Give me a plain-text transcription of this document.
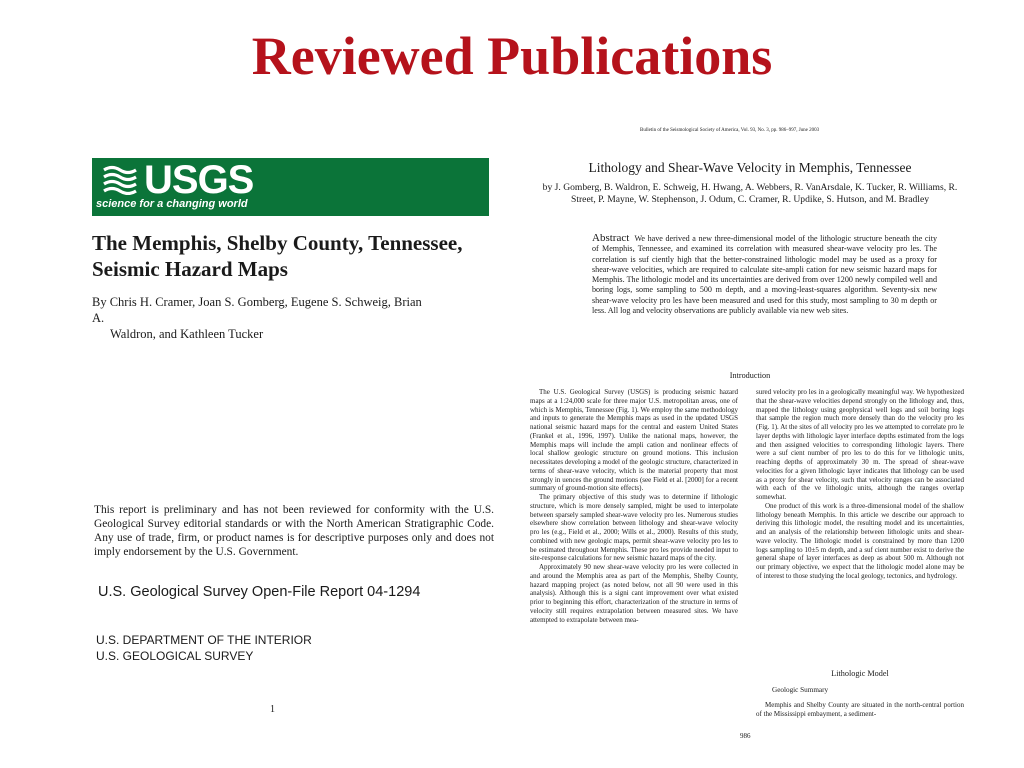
Reviewed Publications
USGS
science for a changing world
The Memphis, Shelby County, Tennessee, Seismic Hazard Maps
By Chris H. Cramer, Joan S. Gomberg, Eugene S. Schweig, Brian A.
Waldron, and Kathleen Tucker
This report is preliminary and has not been reviewed for conformity with the U.S. Geological Survey editorial standards or with the North American Stratigraphic Code. Any use of trade, firm, or product names is for descriptive purposes only and does not imply endorsement by the U.S. Government.
U.S. Geological Survey Open-File Report 04-1294
U.S. DEPARTMENT OF THE INTERIOR
U.S. GEOLOGICAL SURVEY
1
Bulletin of the Seismological Society of America, Vol. 93, No. 3, pp. 986–997, June 2003
Lithology and Shear-Wave Velocity in Memphis, Tennessee
by J. Gomberg, B. Waldron, E. Schweig, H. Hwang, A. Webbers, R. VanArsdale, K. Tucker, R. Williams, R. Street, P. Mayne, W. Stephenson, J. Odum, C. Cramer, R. Updike, S. Hutson, and M. Bradley
Abstract We have derived a new three-dimensional model of the lithologic structure beneath the city of Memphis, Tennessee, and examined its correlation with measured shear-wave velocity pro les. The correlation is suf ciently high that the better-constrained lithologic model may be used as a proxy for shear-wave velocities, which are required to calculate site-ampli cation for new seismic hazard maps for Memphis. The lithologic model and its uncertainties are derived from over 1200 newly compiled well and boring logs, some sampling to 500 m depth, and a moving-least-squares algorithm. Seventy-six new shear-wave velocity pro les have been measured and used for this study, most sampling to 30 m depth or less. All log and velocity observations are publicly available via new web sites.
Introduction

The U.S. Geological Survey (USGS) is producing seismic hazard maps at a 1:24,000 scale for three major U.S. metropolitan areas, one of which is Memphis, Tennessee (Fig. 1). We employ the same methodology and inputs to generate the Memphis maps as used in the updated USGS national seismic hazard maps for the central and eastern United States (Frankel et al., 1996, 1997). Unlike the national maps, however, the Memphis maps will include the ampli cation and nonlinear effects of local shallow geologic structure on ground motions. This inclusion necessitates developing a model of the geologic structure, characterized in terms of shear-wave velocity, which is the material property that most strongly in uences the ground motions (see Field et al. [2000] for a recent summary of ground-motion site effects).

The primary objective of this study was to determine if lithologic structure, which is more densely sampled, might be used to interpolate between sparsely sampled shear-wave velocity pro les. Numerous studies elsewhere show correlation between lithology and shear-wave velocity pro les (e.g., Field et al., 2000; Wills et al., 2000). Results of this study, combined with new geologic maps, permit shear-wave velocity pro les to be estimated throughout Memphis. These pro les provide needed input to site-response calculations for new seismic hazard maps of the city.

Approximately 90 new shear-wave velocity pro les were collected in and around the Memphis area as part of the Memphis, Shelby County, hazard mapping project (as noted below, not all 90 were used in this analysis). Although this is a signi cant improvement over what existed prior to beginning this effort, characterization of the structure in terms of velocity still requires extrapolation between measured sites. We have attempted to extrapolate between mea-

sured velocity pro les in a geologically meaningful way. We hypothesized that the shear-wave velocities depend strongly on the lithology and, thus, mapped the lithology using geophysical well logs and soil boring logs that sample the region much more densely than do the velocity pro les (Fig. 1). At the sites of all velocity pro les we attempted to correlate pro le layer depths with lithologic layer interface depths estimated from the logs and then assigned velocities to corresponding lithologic layers. There were a suf cient number of pro les to do this for ve lithologic units, reaching depths of approximately 30 m. The spread of shear-wave velocities for a given lithologic layer indicates that lithology can be used as a proxy for shear velocity, such that velocity ranges can be associated with each of the ve lithologic units, although the ranges overlap somewhat.

One product of this work is a three-dimensional model of the shallow lithology beneath Memphis. In this article we describe our approach to deriving this lithologic model, the resulting model and its uncertainties, and an analysis of the relationship between lithologic units and shear-wave velocity. The lithologic model is constrained by more than 1200 logs sampling to 10±5 m depth, and a suf cient number exist to derive the general shape of layer interfaces as deep as about 500 m. Although not our primary objective, we expect that the lithologic model alone may be of interest to those studying the local geology, tectonics, and hydrology.

Lithologic Model
Geologic Summary

Memphis and Shelby County are situated in the north-central portion of the Mississippi embayment, a sediment-

986
